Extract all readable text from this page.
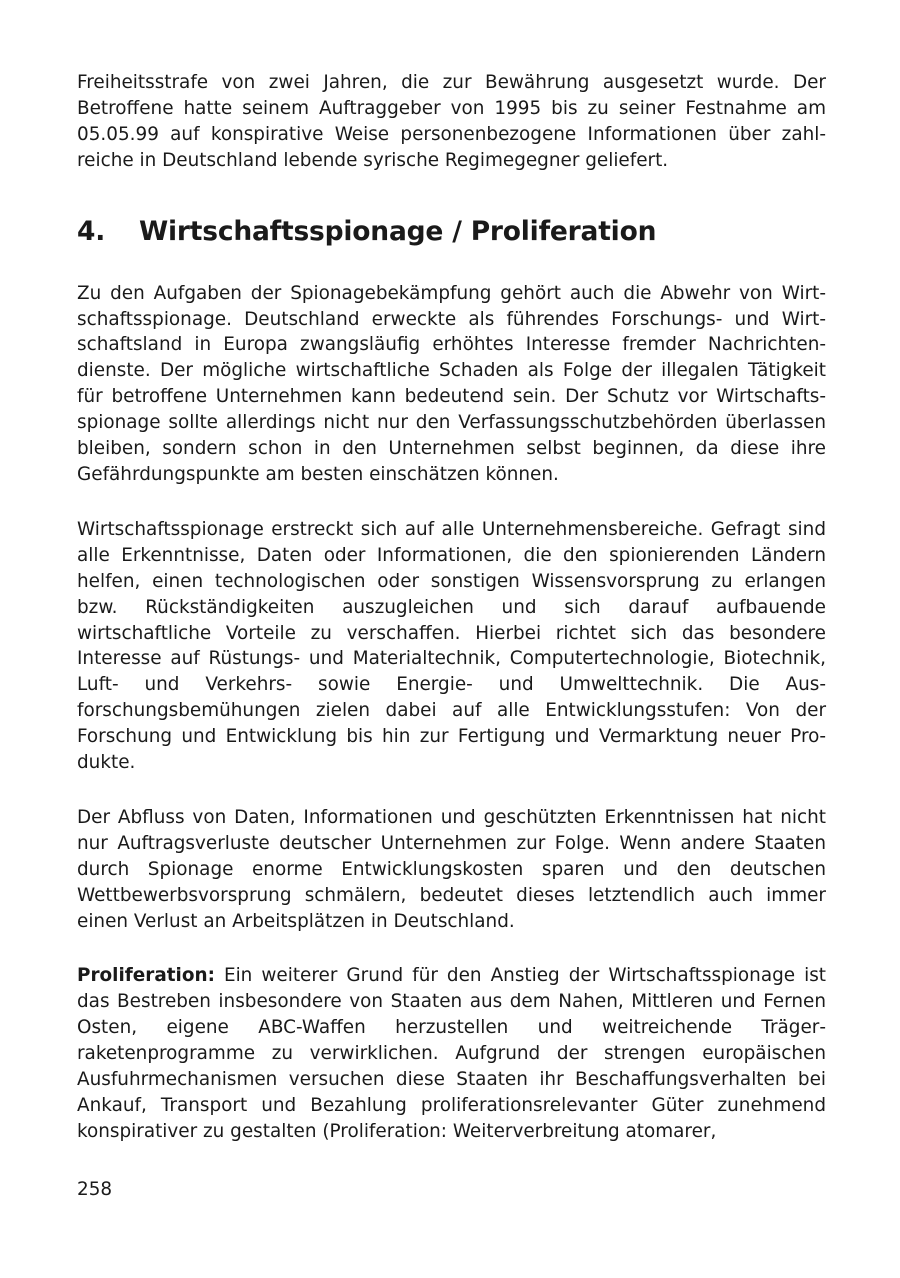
Freiheitsstrafe von zwei Jahren, die zur Bewährung ausgesetzt wurde. Der Betroffene hatte seinem Auftraggeber von 1995 bis zu seiner Festnahme am 05.05.99 auf konspirative Weise personenbezogene Informationen über zahlreiche in Deutschland lebende syrische Regimegegner geliefert.

4.	Wirtschaftsspionage / Proliferation

Zu den Aufgaben der Spionagebekämpfung gehört auch die Abwehr von Wirtschaftsspionage. Deutschland erweckte als führendes Forschungs- und Wirtschaftsland in Europa zwangsläufig erhöhtes Interesse fremder Nachrichtendienste. Der mögliche wirtschaftliche Schaden als Folge der illegalen Tätigkeit für betroffene Unternehmen kann bedeutend sein. Der Schutz vor Wirtschaftsspionage sollte allerdings nicht nur den Verfassungsschutzbehörden überlassen bleiben, sondern schon in den Unternehmen selbst beginnen, da diese ihre Gefährdungspunkte am besten einschätzen können.

Wirtschaftsspionage erstreckt sich auf alle Unternehmensbereiche. Gefragt sind alle Erkenntnisse, Daten oder Informationen, die den spionierenden Ländern helfen, einen technologischen oder sonstigen Wissensvorsprung zu erlangen bzw. Rückständigkeiten auszugleichen und sich darauf aufbauende wirtschaftliche Vorteile zu verschaffen. Hierbei richtet sich das besondere Interesse auf Rüstungs- und Materialtechnik, Computertechnologie, Biotechnik, Luft- und Verkehrs- sowie Energie- und Umwelttechnik. Die Ausforschungsbemühungen zielen dabei auf alle Entwicklungsstufen: Von der Forschung und Entwicklung bis hin zur Fertigung und Vermarktung neuer Produkte.

Der Abfluss von Daten, Informationen und geschützten Erkenntnissen hat nicht nur Auftragsverluste deutscher Unternehmen zur Folge. Wenn andere Staaten durch Spionage enorme Entwicklungskosten sparen und den deutschen Wettbewerbsvorsprung schmälern, bedeutet dieses letztendlich auch immer einen Verlust an Arbeitsplätzen in Deutschland.

Proliferation: Ein weiterer Grund für den Anstieg der Wirtschaftsspionage ist das Bestreben insbesondere von Staaten aus dem Nahen, Mittleren und Fernen Osten, eigene ABC-Waffen herzustellen und weitreichende Trägerraketenprogramme zu verwirklichen. Aufgrund der strengen europäischen Ausfuhrmechanismen versuchen diese Staaten ihr Beschaffungsverhalten bei Ankauf, Transport und Bezahlung proliferationsrelevanter Güter zunehmend konspirativer zu gestalten (Proliferation: Weiterverbreitung atomarer,

258
